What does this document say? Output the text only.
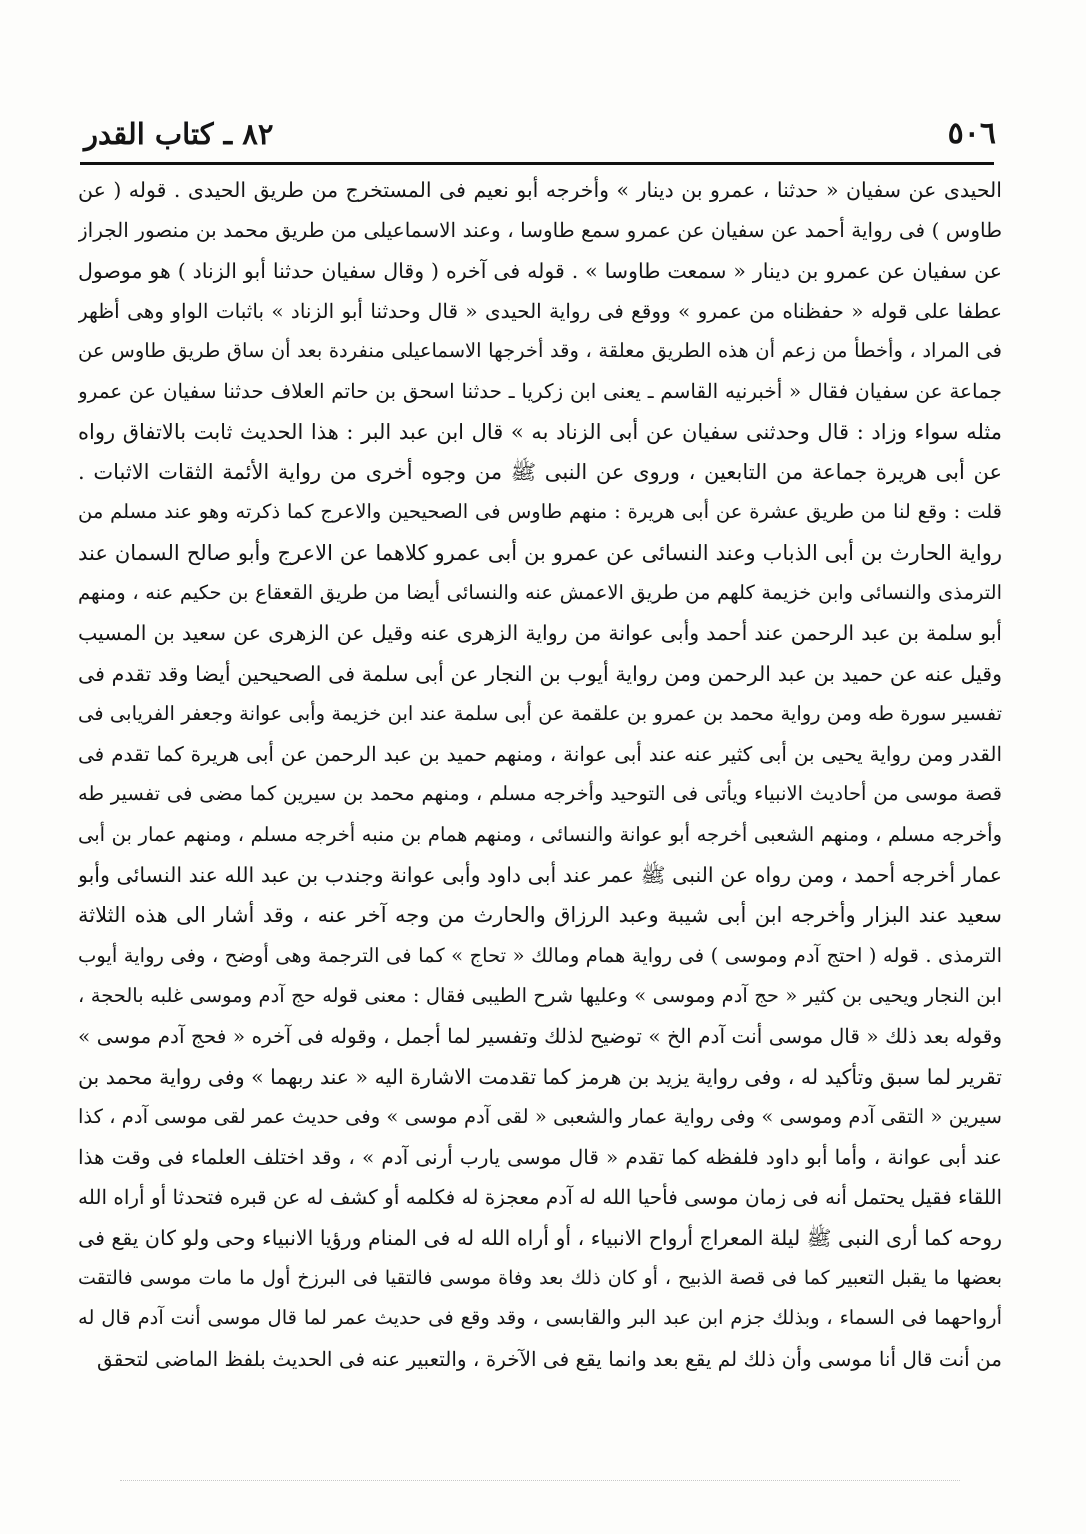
٥٠٦
٨٢ ـ كتاب القدر
الحيدى عن سفيان « حدثنا ، عمرو بن دينار » وأخرجه أبو نعيم فى المستخرج من طريق الحيدى . قوله ( عن
طاوس ) فى رواية أحمد عن سفيان عن عمرو سمع طاوسا ، وعند الاسماعيلى من طريق محمد بن منصور الجراز
عن سفيان عن عمرو بن دينار « سمعت طاوسا » . قوله فى آخره ( وقال سفيان حدثنا أبو الزناد ) هو موصول
عطفا على قوله « حفظناه من عمرو » ووقع فى رواية الحيدى « قال وحدثنا أبو الزناد » باثبات الواو وهى أظهر
فى المراد ، وأخطأ من زعم أن هذه الطريق معلقة ، وقد أخرجها الاسماعيلى منفردة بعد أن ساق طريق طاوس عن
جماعة عن سفيان فقال « أخبرنيه القاسم ـ يعنى ابن زكريا ـ حدثنا اسحق بن حاتم العلاف حدثنا سفيان عن عمرو
مثله سواء وزاد : قال وحدثنى سفيان عن أبى الزناد به » قال ابن عبد البر : هذا الحديث ثابت بالاتفاق رواه
عن أبى هريرة جماعة من التابعين ، وروى عن النبى ﷺ من وجوه أخرى من رواية الأئمة الثقات الاثبات .
قلت : وقع لنا من طريق عشرة عن أبى هريرة : منهم طاوس فى الصحيحين والاعرج كما ذكرته وهو عند مسلم من
رواية الحارث بن أبى الذباب وعند النسائى عن عمرو بن أبى عمرو كلاهما عن الاعرج وأبو صالح السمان عند
الترمذى والنسائى وابن خزيمة كلهم من طريق الاعمش عنه والنسائى أيضا من طريق القعقاع بن حكيم عنه ، ومنهم
أبو سلمة بن عبد الرحمن عند أحمد وأبى عوانة من رواية الزهرى عنه وقيل عن الزهرى عن سعيد بن المسيب
وقيل عنه عن حميد بن عبد الرحمن ومن رواية أيوب بن النجار عن أبى سلمة فى الصحيحين أيضا وقد تقدم فى
تفسير سورة طه ومن رواية محمد بن عمرو بن علقمة عن أبى سلمة عند ابن خزيمة وأبى عوانة وجعفر الفريابى فى
القدر ومن رواية يحيى بن أبى كثير عنه عند أبى عوانة ، ومنهم حميد بن عبد الرحمن عن أبى هريرة كما تقدم فى
قصة موسى من أحاديث الانبياء ويأتى فى التوحيد وأخرجه مسلم ، ومنهم محمد بن سيرين كما مضى فى تفسير طه
وأخرجه مسلم ، ومنهم الشعبى أخرجه أبو عوانة والنسائى ، ومنهم همام بن منبه أخرجه مسلم ، ومنهم عمار بن أبى
عمار أخرجه أحمد ، ومن رواه عن النبى ﷺ عمر عند أبى داود وأبى عوانة وجندب بن عبد الله عند النسائى وأبو
سعيد عند البزار وأخرجه ابن أبى شيبة وعبد الرزاق والحارث من وجه آخر عنه ، وقد أشار الى هذه الثلاثة
الترمذى . قوله ( احتج آدم وموسى ) فى رواية همام ومالك « تحاج » كما فى الترجمة وهى أوضح ، وفى رواية أيوب
ابن النجار ويحيى بن كثير « حج آدم وموسى » وعليها شرح الطيبى فقال : معنى قوله حج آدم وموسى غلبه بالحجة ،
وقوله بعد ذلك « قال موسى أنت آدم الخ » توضيح لذلك وتفسير لما أجمل ، وقوله فى آخره « فحج آدم موسى »
تقرير لما سبق وتأكيد له ، وفى رواية يزيد بن هرمز كما تقدمت الاشارة اليه « عند ربهما » وفى رواية محمد بن
سيرين « التقى آدم وموسى » وفى رواية عمار والشعبى « لقى آدم موسى » وفى حديث عمر لقى موسى آدم ، كذا
عند أبى عوانة ، وأما أبو داود فلفظه كما تقدم « قال موسى يارب أرنى آدم » ، وقد اختلف العلماء فى وقت هذا
اللقاء فقيل يحتمل أنه فى زمان موسى فأحيا الله له آدم معجزة له فكلمه أو كشف له عن قبره فتحدثا أو أراه الله
روحه كما أرى النبى ﷺ ليلة المعراج أرواح الانبياء ، أو أراه الله له فى المنام ورؤيا الانبياء وحى ولو كان يقع فى
بعضها ما يقبل التعبير كما فى قصة الذبيح ، أو كان ذلك بعد وفاة موسى فالتقيا فى البرزخ أول ما مات موسى فالتقت
أرواحهما فى السماء ، وبذلك جزم ابن عبد البر والقابسى ، وقد وقع فى حديث عمر لما قال موسى أنت آدم قال له
من أنت قال أنا موسى وأن ذلك لم يقع بعد وانما يقع فى الآخرة ، والتعبير عنه فى الحديث بلفظ الماضى لتحقق
